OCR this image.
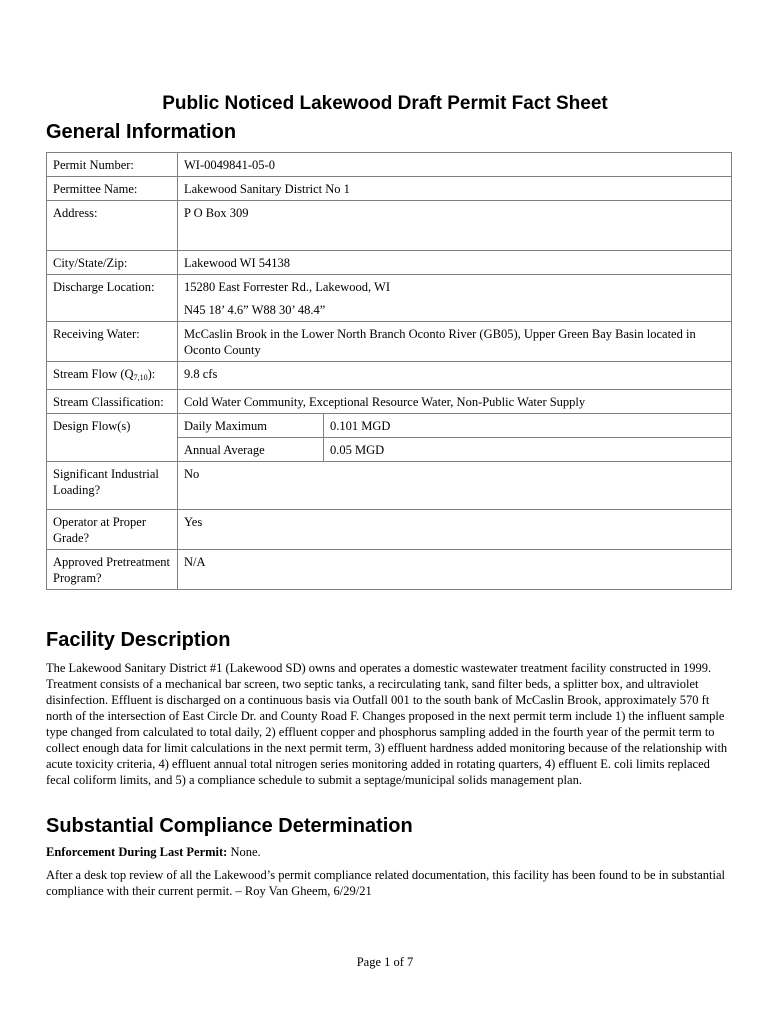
Public Noticed Lakewood Draft Permit Fact Sheet
General Information
Permit Number:	WI-0049841-05-0	
Permittee Name:	Lakewood Sanitary District No 1	
Address:	P O Box 309	
City/State/Zip:	Lakewood WI 54138	
Discharge Location:	15280 East Forrester Rd., Lakewood, WI
N45 18’ 4.6” W88 30’ 48.4”	

Receiving Water:	McCaslin Brook in the Lower North Branch Oconto River (GB05), Upper Green Bay Basin located in Oconto County	
Stream Flow $(Q_{7,10})$:	9.8 cfs	
Stream Classification:	Cold Water Community, Exceptional Resource Water, Non-Public Water Supply	
Design Flow(s)	Daily Maximum	0.101 MGD
	Annual Average	0.05 MGD
Significant Industrial Loading?	No	
Operator at Proper Grade?	Yes	
Approved Pretreatment Program?	N/A	
Facility Description
The Lakewood Sanitary District #1 (Lakewood SD) owns and operates a domestic wastewater treatment facility constructed in 1999. Treatment consists of a mechanical bar screen, two septic tanks, a recirculating tank, sand filter beds, a splitter box, and ultraviolet disinfection. Effluent is discharged on a continuous basis via Outfall 001 to the south bank of McCaslin Brook, approximately 570 ft north of the intersection of East Circle Dr. and County Road F. Changes proposed in the next permit term include 1) the influent sample type changed from calculated to total daily, 2) effluent copper and phosphorus sampling added in the fourth year of the permit term to collect enough data for limit calculations in the next permit term, 3) effluent hardness added monitoring because of the relationship with acute toxicity criteria, 4) effluent annual total nitrogen series monitoring added in rotating quarters, 4) effluent E. coli limits replaced fecal coliform limits, and 5) a compliance schedule to submit a septage/municipal solids management plan.
Substantial Compliance Determination
Enforcement During Last Permit: None.
After a desk top review of all the Lakewood’s permit compliance related documentation, this facility has been found to be in substantial compliance with their current permit. – Roy Van Gheem, 6/29/21
Page 1 of 7
